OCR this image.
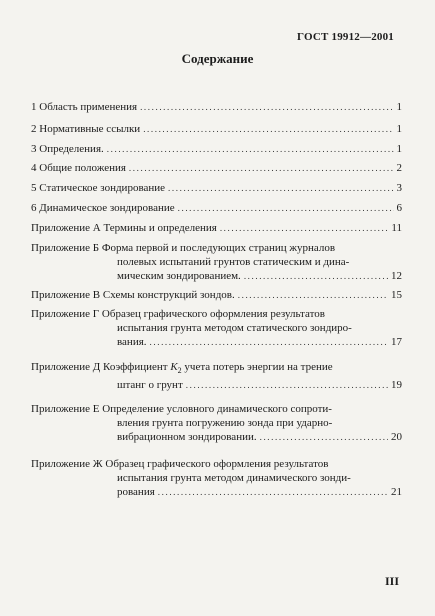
ГОСТ 19912—2001
Содержание
1 Область применения .....	1
2 Нормативные ссылки .....	1
3 Определения. .....	1
4 Общие положения .....	2
5 Статическое зондирование .....	3
6 Динамическое зондирование .....	6
Приложение А Термины и определения .....	11
Приложение Б Форма первой и последующих страниц журналов
полевых испытаний грунтов статическим и дина-
мическим зондированием. .....	12
Приложение В Схемы конструкций зондов. .....	15
Приложение Г Образец графического оформления результатов
испытания грунта методом статического зондиро-
вания. .....	17
Приложение Д Коэффициент $K_2$ учета потерь энергии на трение
штанг о грунт .....	19
Приложение Е Определение условного динамического сопроти-
вления грунта погружению зонда при ударно-
вибрационном зондировании. .....	20
Приложение Ж Образец графического оформления результатов
испытания грунта методом динамического зонди-
рования .....	21
III
